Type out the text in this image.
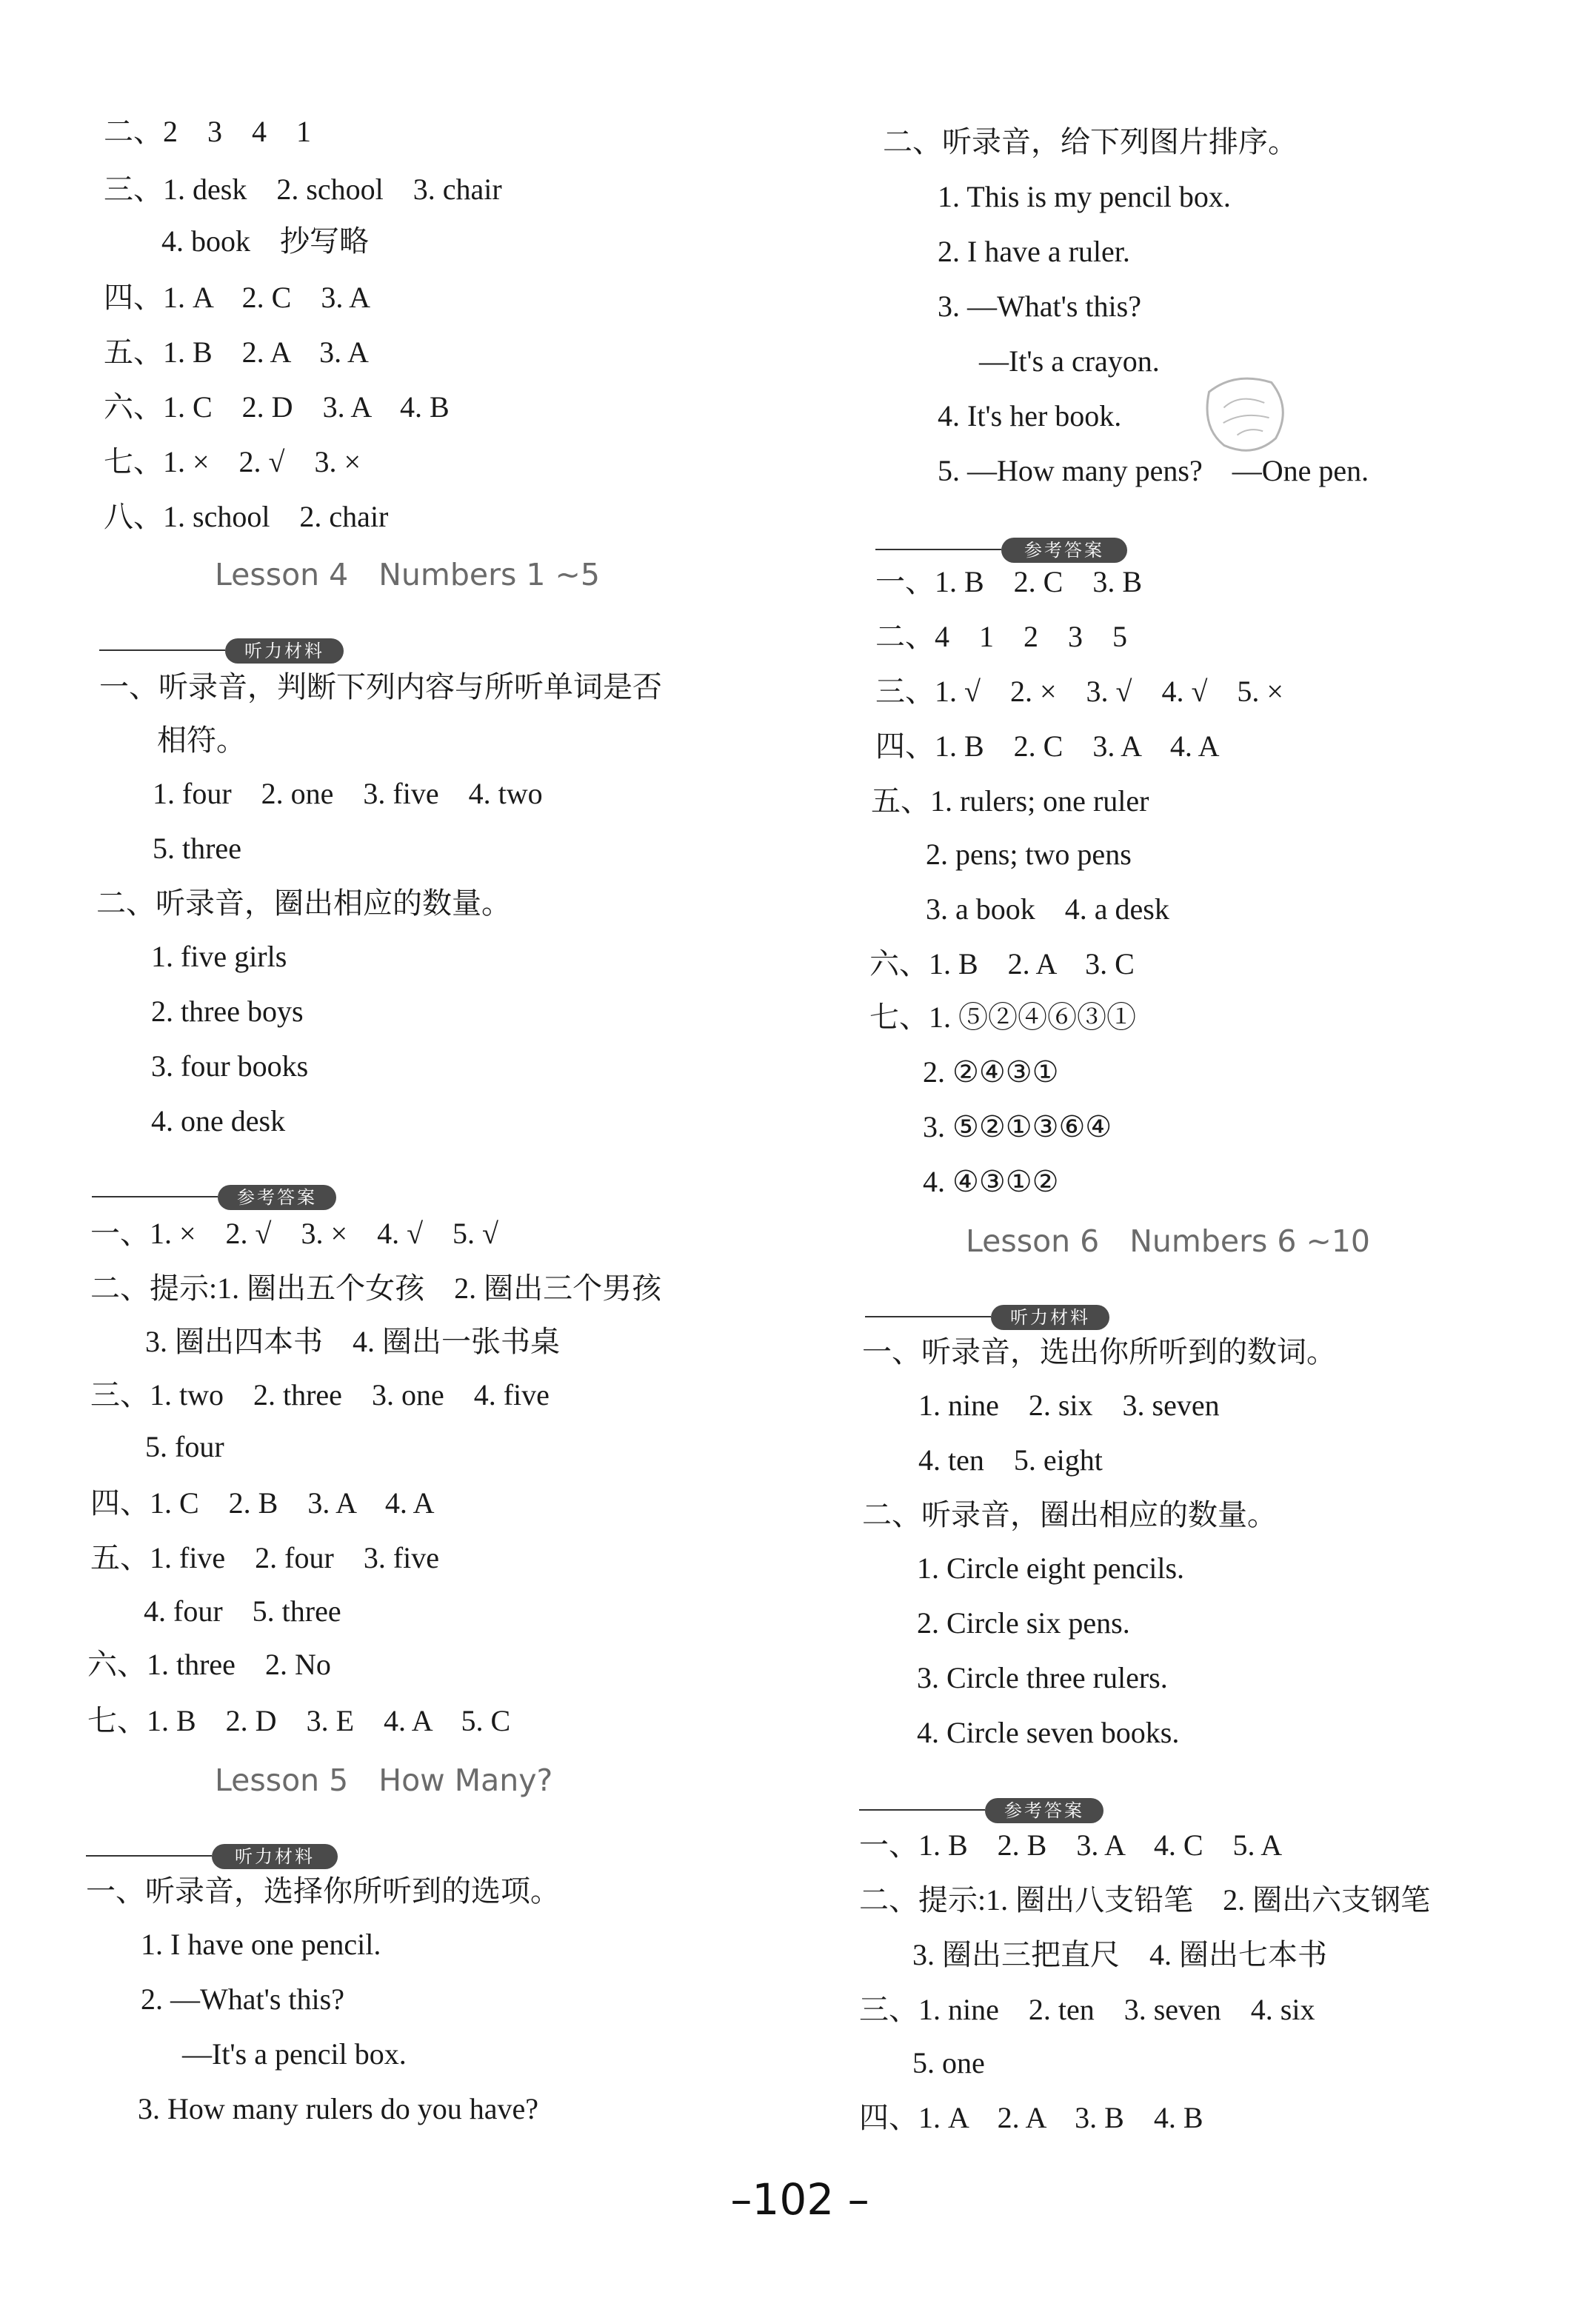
二、2　3　4　1
三、1. desk　2. school　3. chair
4. book　抄写略
四、1. A　2. C　3. A
五、1. B　2. A　3. A
六、1. C　2. D　3. A　4. B
七、1. ×　2. √　3. ×
八、1. school　2. chair
Lesson 4　Numbers 1 ~5
听力材料
一、听录音，判断下列内容与所听单词是否
相符。
1. four　2. one　3. five　4. two
5. three
二、听录音，圈出相应的数量。
1. five girls
2. three boys
3. four books
4. one desk
参考答案
一、1. ×　2. √　3. ×　4. √　5. √
二、提示:1. 圈出五个女孩　2. 圈出三个男孩
3. 圈出四本书　4. 圈出一张书桌
三、1. two　2. three　3. one　4. five
5. four
四、1. C　2. B　3. A　4. A
五、1. five　2. four　3. five
4. four　5. three
六、1. three　2. No
七、1. B　2. D　3. E　4. A　5. C
Lesson 5　How Many?
听力材料
一、听录音，选择你所听到的选项。
1. I have one pencil.
2. —What's this?
—It's a pencil box.
3. How many rulers do you have?
二、听录音，给下列图片排序。
1. This is my pencil box.
2. I have a ruler.
3. —What's this?
—It's a crayon.
4. It's her book.
5. —How many pens?　—One pen.
参考答案
一、1. B　2. C　3. B
二、4　1　2　3　5
三、1. √　2. ×　3. √　4. √　5. ×
四、1. B　2. C　3. A　4. A
五、1. rulers; one ruler
2. pens; two pens
3. a book　4. a desk
六、1. B　2. A　3. C
七、1. ⑤②④⑥③①
2. ②④③①
3. ⑤②①③⑥④
4. ④③①②
Lesson 6　Numbers 6 ~10
听力材料
一、听录音，选出你所听到的数词。
1. nine　2. six　3. seven
4. ten　5. eight
二、听录音，圈出相应的数量。
1. Circle eight pencils.
2. Circle six pens.
3. Circle three rulers.
4. Circle seven books.
参考答案
一、1. B　2. B　3. A　4. C　5. A
二、提示:1. 圈出八支铅笔　2. 圈出六支钢笔
3. 圈出三把直尺　4. 圈出七本书
三、1. nine　2. ten　3. seven　4. six
5. one
四、1. A　2. A　3. B　4. B
–102 –
